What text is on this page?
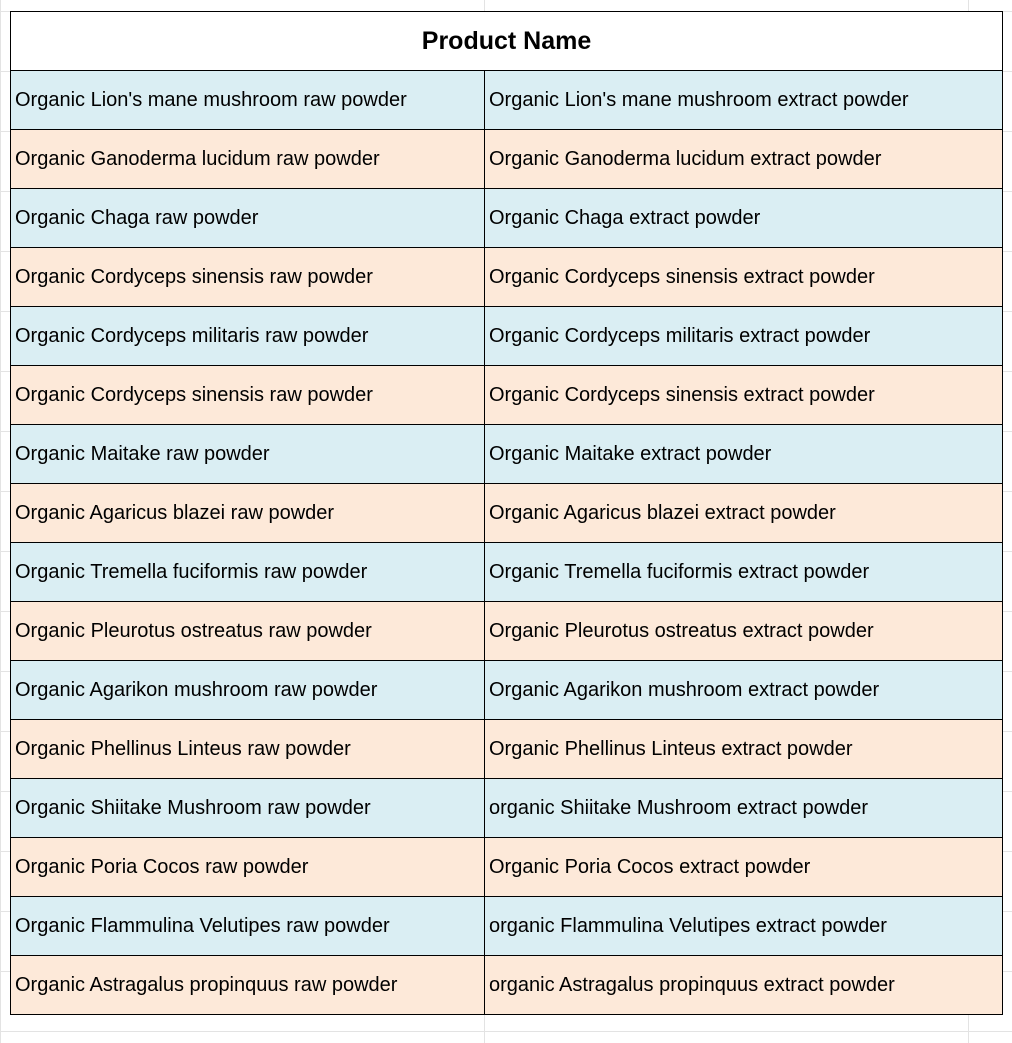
Product Name	
Organic Lion's mane mushroom raw powder	Organic Lion's mane mushroom extract powder
Organic Ganoderma lucidum raw powder	Organic Ganoderma lucidum extract powder
Organic Chaga raw powder	Organic Chaga extract powder
Organic Cordyceps sinensis raw powder	Organic Cordyceps sinensis extract powder
Organic Cordyceps militaris raw powder	Organic Cordyceps militaris extract powder
Organic Cordyceps sinensis raw powder	Organic Cordyceps sinensis extract powder
Organic Maitake raw powder	Organic Maitake extract powder
Organic Agaricus blazei raw powder	Organic Agaricus blazei extract powder
Organic Tremella fuciformis raw powder	Organic Tremella fuciformis extract powder
Organic Pleurotus ostreatus raw powder	Organic Pleurotus ostreatus extract powder
Organic Agarikon mushroom raw powder	Organic Agarikon mushroom extract powder
Organic Phellinus Linteus raw powder	Organic Phellinus Linteus extract powder
Organic Shiitake Mushroom raw powder	organic Shiitake Mushroom extract powder
Organic Poria Cocos raw powder	Organic Poria Cocos extract powder
Organic Flammulina Velutipes raw powder	organic Flammulina Velutipes extract powder
Organic Astragalus propinquus raw powder	organic Astragalus propinquus extract powder
